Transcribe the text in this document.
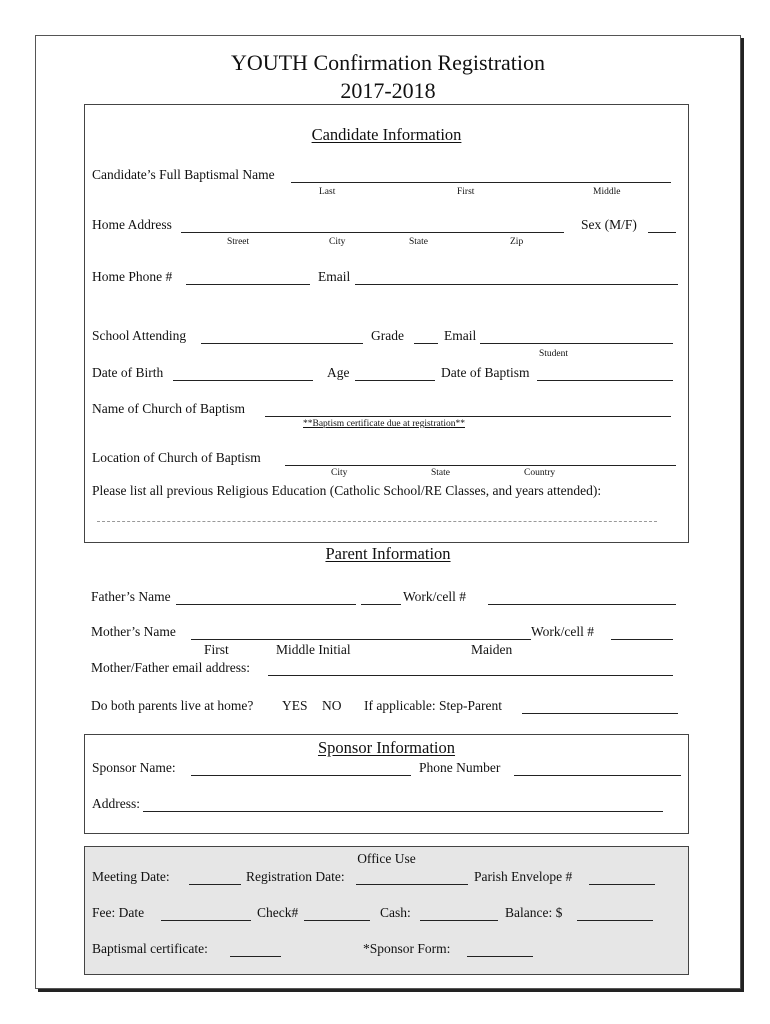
YOUTH Confirmation Registration
2017-2018
Candidate Information
Candidate’s Full Baptismal Name
Last	First	Middle
Home Address	Sex (M/F)
Street	City	State	Zip
Home Phone #	Email
School Attending	Grade	Email
Student
Date of Birth	Age	Date of Baptism
Name of Church of Baptism
**Baptism certificate due at registration**
Location of Church of Baptism
City	State	Country
Please list all previous Religious Education (Catholic School/RE Classes, and years attended):
Parent Information
Father’s Name	Work/cell #
Mother’s Name	Work/cell #
First	Middle Initial	Maiden
Mother/Father email address:
Do both parents live at home? YES NO If applicable: Step-Parent
Sponsor Information
Sponsor Name:	Phone Number
Address:
Office Use
Meeting Date:	Registration Date:	Parish Envelope #
Fee: Date	Check#	Cash:	Balance: $
Baptismal certificate:	*Sponsor Form:
